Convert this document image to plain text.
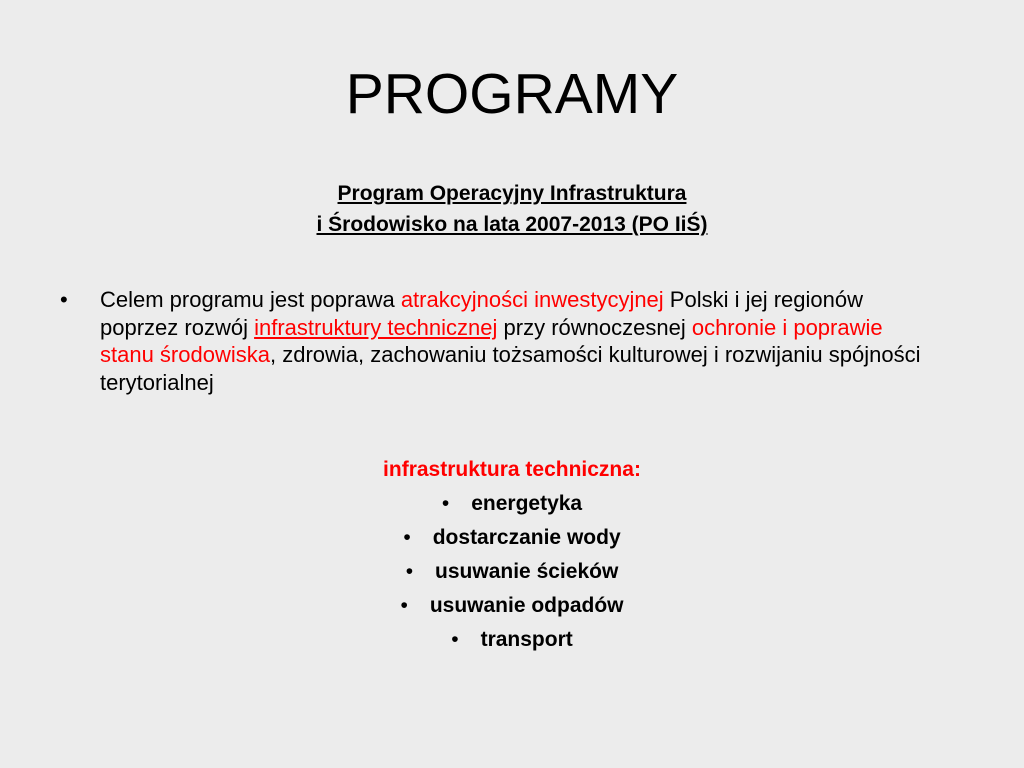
PROGRAMY
Program Operacyjny Infrastruktura
i Środowisko na lata 2007-2013 (PO IiŚ)
• Celem programu jest poprawa atrakcyjności inwestycyjnej Polski i jej regionów poprzez rozwój infrastruktury technicznej przy równoczesnej ochronie i poprawie stanu środowiska, zdrowia, zachowaniu tożsamości kulturowej i rozwijaniu spójności terytorialnej
infrastruktura techniczna:
• energetyka
• dostarczanie wody
• usuwanie ścieków
• usuwanie odpadów
• transport
